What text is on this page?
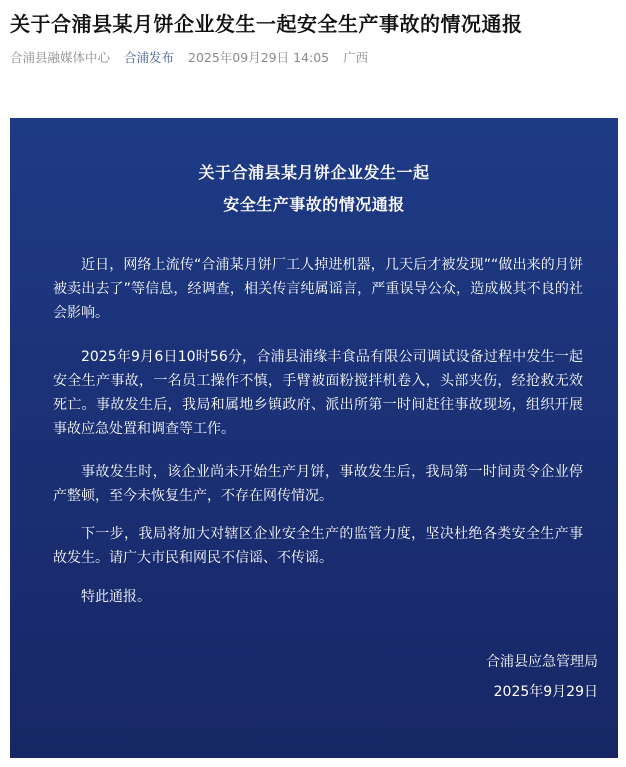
关于合浦县某月饼企业发生一起安全生产事故的情况通报
合浦县融媒体中心 合浦发布 2025年09月29日 14:05 广西
关于合浦县某月饼企业发生一起
安全生产事故的情况通报

近日，网络上流传“合浦某月饼厂工人掉进机器，几天后才被发现”“做出来的月饼被卖出去了”等信息，经调查，相关传言纯属谣言，严重误导公众，造成极其不良的社会影响。

2025年9月6日10时56分，合浦县浦缘丰食品有限公司调试设备过程中发生一起安全生产事故，一名员工操作不慎，手臂被面粉搅拌机卷入，头部夹伤，经抢救无效死亡。事故发生后，我局和属地乡镇政府、派出所第一时间赶往事故现场，组织开展事故应急处置和调查等工作。

事故发生时，该企业尚未开始生产月饼，事故发生后，我局第一时间责令企业停产整顿，至今未恢复生产，不存在网传情况。

下一步，我局将加大对辖区企业安全生产的监管力度，坚决杜绝各类安全生产事故发生。请广大市民和网民不信谣、不传谣。

特此通报。

合浦县应急管理局
2025年9月29日
